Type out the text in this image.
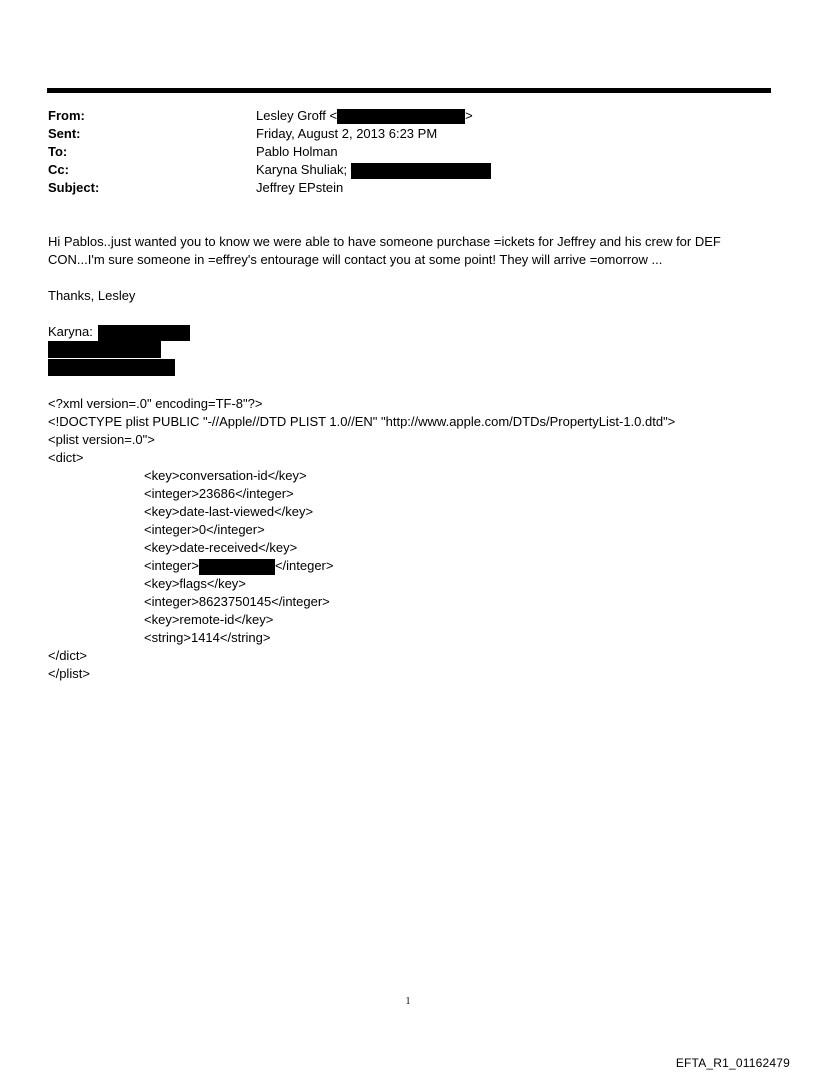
From:	Lesley Groff <	>
Sent:	Friday, August 2, 2013 6:23 PM
To:	Pablo Holman
Cc:	Karyna Shuliak;
Subject:	Jeffrey EPstein
Hi Pablos..just wanted you to know we were able to have someone purchase =ickets for Jeffrey and his crew for DEF
CON...I'm sure someone in =effrey's entourage will contact you at some point! They will arrive =omorrow ...
Thanks, Lesley
Karyna:
<?xml version=.0" encoding=TF-8"?>
<!DOCTYPE plist PUBLIC "-//Apple//DTD PLIST 1.0//EN" "http://www.apple.com/DTDs/PropertyList-1.0.dtd">
<plist version=.0">
<dict>
<key>conversation-id</key>
<integer>23686</integer>
<key>date-last-viewed</key>
<integer>0</integer>
<key>date-received</key>
<integer>	</integer>
<key>flags</key>
<integer>8623750145</integer>
<key>remote-id</key>
<string>1414</string>
</dict>
</plist>
1
EFTA_R1_01162479
